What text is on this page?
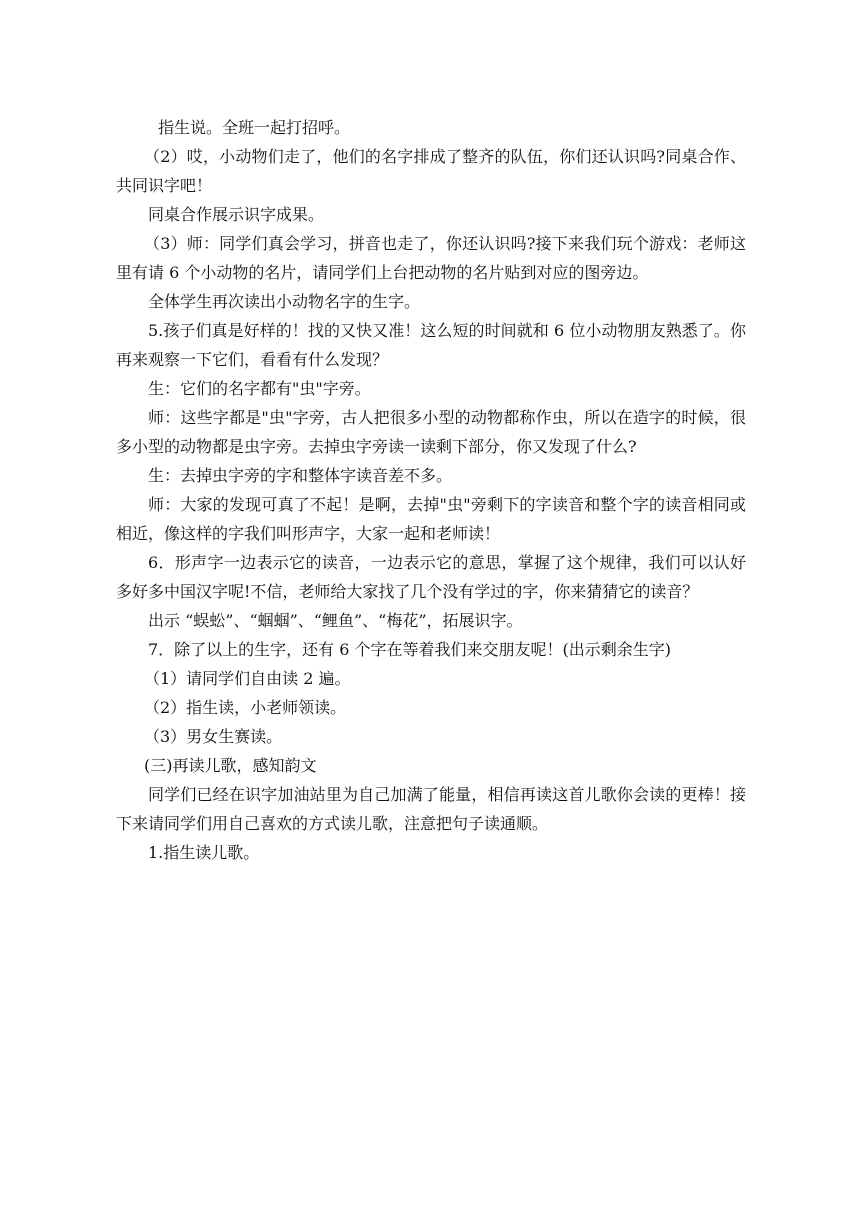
指生说。全班一起打招呼。

（2）哎，小动物们走了，他们的名字排成了整齐的队伍，你们还认识吗?同桌合作、共同识字吧！

同桌合作展示识字成果。

（3）师：同学们真会学习，拼音也走了，你还认识吗?接下来我们玩个游戏：老师这里有请 6 个小动物的名片，请同学们上台把动物的名片贴到对应的图旁边。

全体学生再次读出小动物名字的生字。

5.孩子们真是好样的！找的又快又准！这么短的时间就和 6 位小动物朋友熟悉了。你再来观察一下它们，看看有什么发现？

生：它们的名字都有"虫"字旁。

师：这些字都是"虫"字旁，古人把很多小型的动物都称作虫，所以在造字的时候，很多小型的动物都是虫字旁。去掉虫字旁读一读剩下部分，你又发现了什么?

生：去掉虫字旁的字和整体字读音差不多。

师：大家的发现可真了不起！是啊，去掉"虫"旁剩下的字读音和整个字的读音相同或相近，像这样的字我们叫形声字，大家一起和老师读！

6．形声字一边表示它的读音，一边表示它的意思，掌握了这个规律，我们可以认好多好多中国汉字呢!不信，老师给大家找了几个没有学过的字，你来猜猜它的读音？

出示 “蜈蚣”、“蝈蝈”、“鲤鱼”、“梅花”，拓展识字。

7．除了以上的生字，还有 6 个字在等着我们来交朋友呢！(出示剩余生字)

（1）请同学们自由读 2 遍。

（2）指生读，小老师领读。

（3）男女生赛读。

(三)再读儿歌，感知韵文

同学们已经在识字加油站里为自己加满了能量，相信再读这首儿歌你会读的更棒！接下来请同学们用自己喜欢的方式读儿歌，注意把句子读通顺。

1.指生读儿歌。
